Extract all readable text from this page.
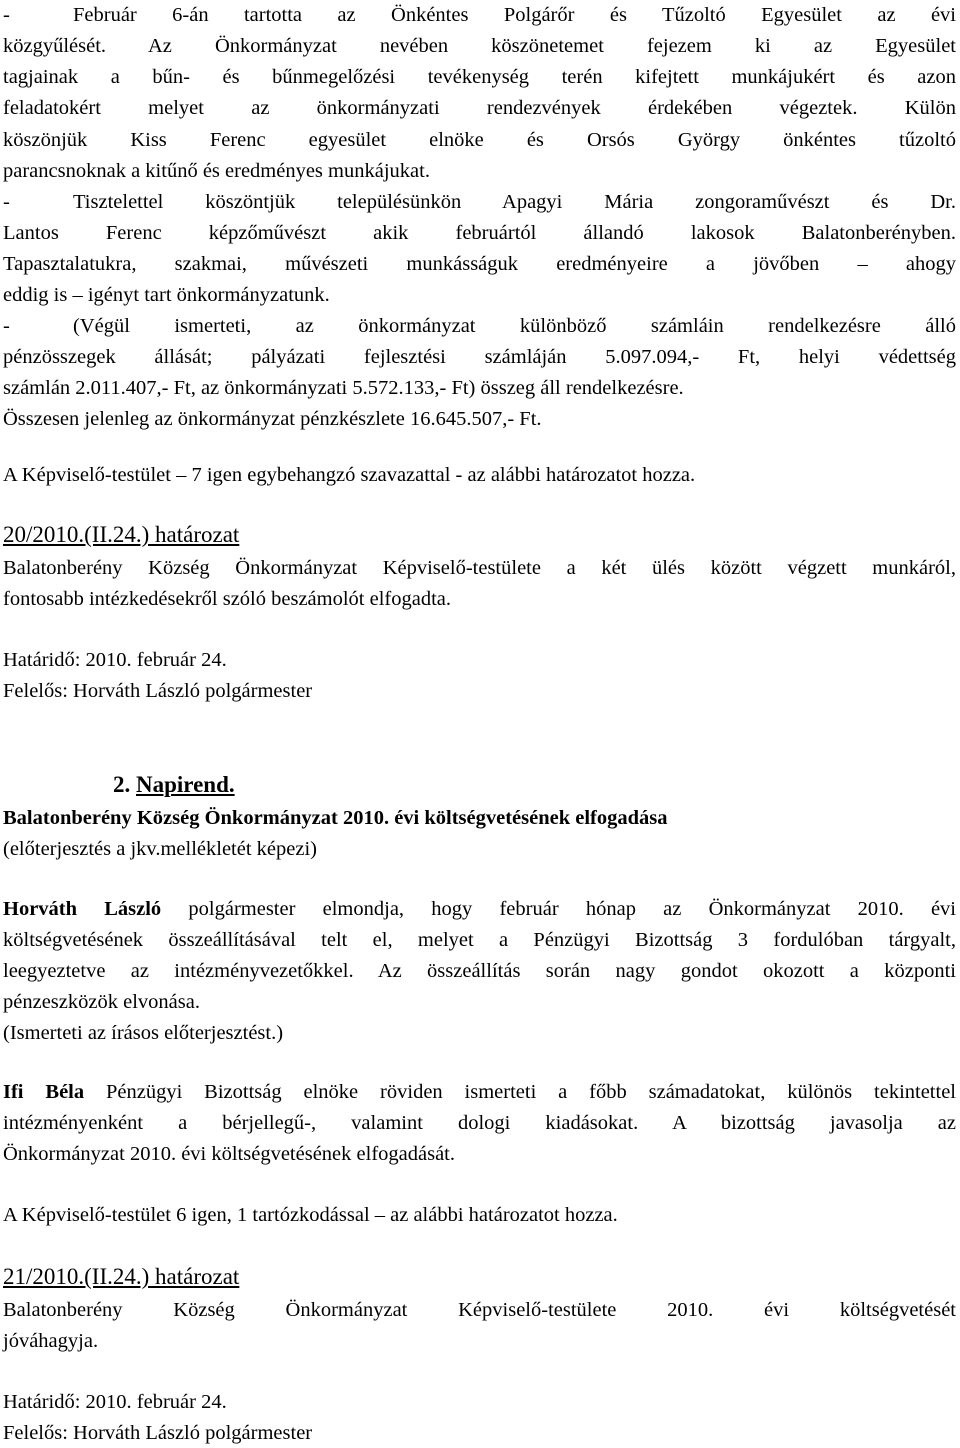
-	Február 6-án tartotta az Önkéntes Polgárőr és Tűzoltó Egyesület az évi
közgyűlését. Az Önkormányzat nevében köszönetemet fejezem ki az Egyesület
tagjainak a bűn- és bűnmegelőzési tevékenység terén kifejtett munkájukért és azon
feladatokért melyet az önkormányzati rendezvények érdekében végeztek. Külön
köszönjük Kiss Ferenc egyesület elnöke és Orsós György önkéntes tűzoltó
parancsnoknak a kitűnő és eredményes munkájukat.
-	Tisztelettel köszöntjük településünkön Apagyi Mária zongoraművészt és Dr.
Lantos Ferenc képzőművészt akik februártól állandó lakosok Balatonberényben.
Tapasztalatukra, szakmai, művészeti munkásságuk eredményeire a jövőben – ahogy
eddig is – igényt tart önkormányzatunk.
-	(Végül ismerteti, az önkormányzat különböző számláin rendelkezésre álló
pénzösszegek állását; pályázati fejlesztési számláján 5.097.094,- Ft, helyi védettség
számlán 2.011.407,- Ft, az önkormányzati 5.572.133,- Ft) összeg áll rendelkezésre.
Összesen jelenleg az önkormányzat pénzkészlete 16.645.507,- Ft.
A Képviselő-testület – 7 igen egybehangzó szavazattal - az alábbi határozatot hozza.
20/2010.(II.24.) határozat
Balatonberény Község Önkormányzat Képviselő-testülete a két ülés között végzett munkáról,
fontosabb intézkedésekről szóló beszámolót elfogadta.
Határidő: 2010. február 24.
Felelős: Horváth László polgármester
2. Napirend.
Balatonberény Község Önkormányzat 2010. évi költségvetésének elfogadása
(előterjesztés a jkv.mellékletét képezi)
Horváth László polgármester elmondja, hogy február hónap az Önkormányzat 2010. évi
költségvetésének összeállításával telt el, melyet a Pénzügyi Bizottság 3 fordulóban tárgyalt,
leegyeztetve az intézményvezetőkkel. Az összeállítás során nagy gondot okozott a központi
pénzeszközök elvonása.
(Ismerteti az írásos előterjesztést.)
Ifi Béla Pénzügyi Bizottság elnöke röviden ismerteti a főbb számadatokat, különös tekintettel
intézményenként a bérjellegű-, valamint dologi kiadásokat. A bizottság javasolja az
Önkormányzat 2010. évi költségvetésének elfogadását.
A Képviselő-testület 6 igen, 1 tartózkodással – az alábbi határozatot hozza.
21/2010.(II.24.) határozat
Balatonberény Község Önkormányzat Képviselő-testülete 2010. évi költségvetését
jóváhagyja.
Határidő: 2010. február 24.
Felelős: Horváth László polgármester
